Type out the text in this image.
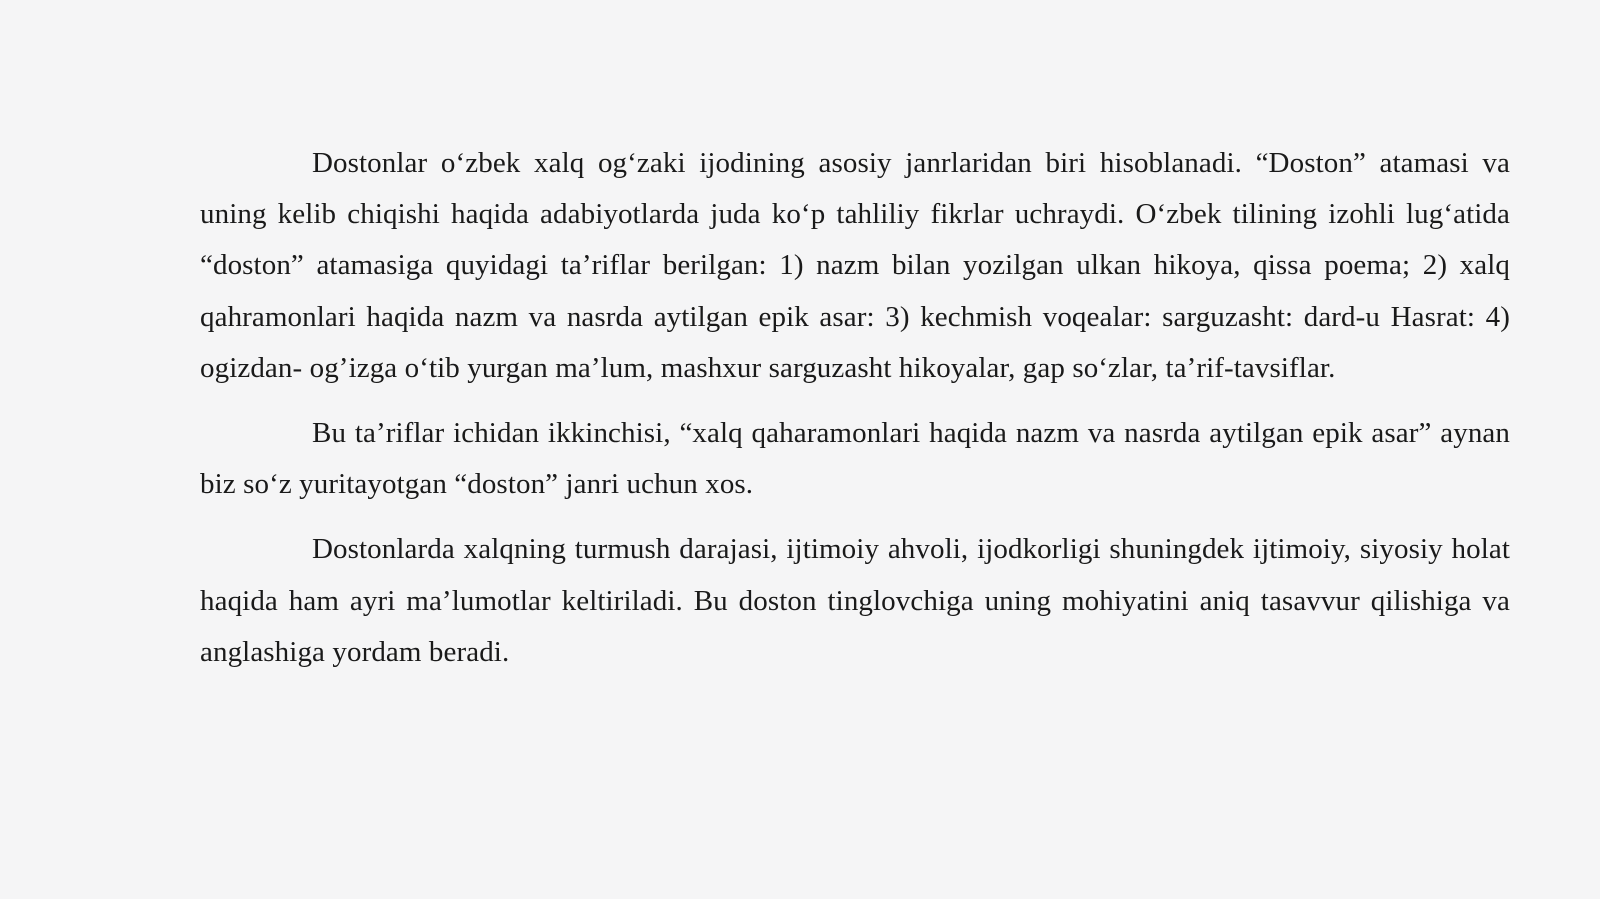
Dostonlar o‘zbek xalq og‘zaki ijodining asosiy janrlaridan biri hisoblanadi. “Doston” atamasi va uning kelib chiqishi haqida adabiyotlarda juda ko‘p tahliliy fikrlar uchraydi. O‘zbek tilining izohli lug‘atida “doston” atamasiga quyidagi ta’riflar berilgan: 1) nazm bilan yozilgan ulkan hikoya, qissa poema; 2) xalq qahramonlari haqida nazm va nasrda aytilgan epik asar: 3) kechmish voqealar: sarguzasht: dard-u Hasrat: 4) ogizdan- og’izga o‘tib yurgan ma’lum, mashxur sarguzasht hikoyalar, gap so‘zlar, ta’rif-tavsiflar.

Bu ta’riflar ichidan ikkinchisi, “xalq qaharamonlari haqida nazm va nasrda aytilgan epik asar” aynan biz so‘z yuritayotgan “doston” janri uchun xos.

Dostonlarda xalqning turmush darajasi, ijtimoiy ahvoli, ijodkorligi shuningdek ijtimoiy, siyosiy holat haqida ham ayri ma’lumotlar keltiriladi. Bu doston tinglovchiga uning mohiyatini aniq tasavvur qilishiga va anglashiga yordam beradi.
